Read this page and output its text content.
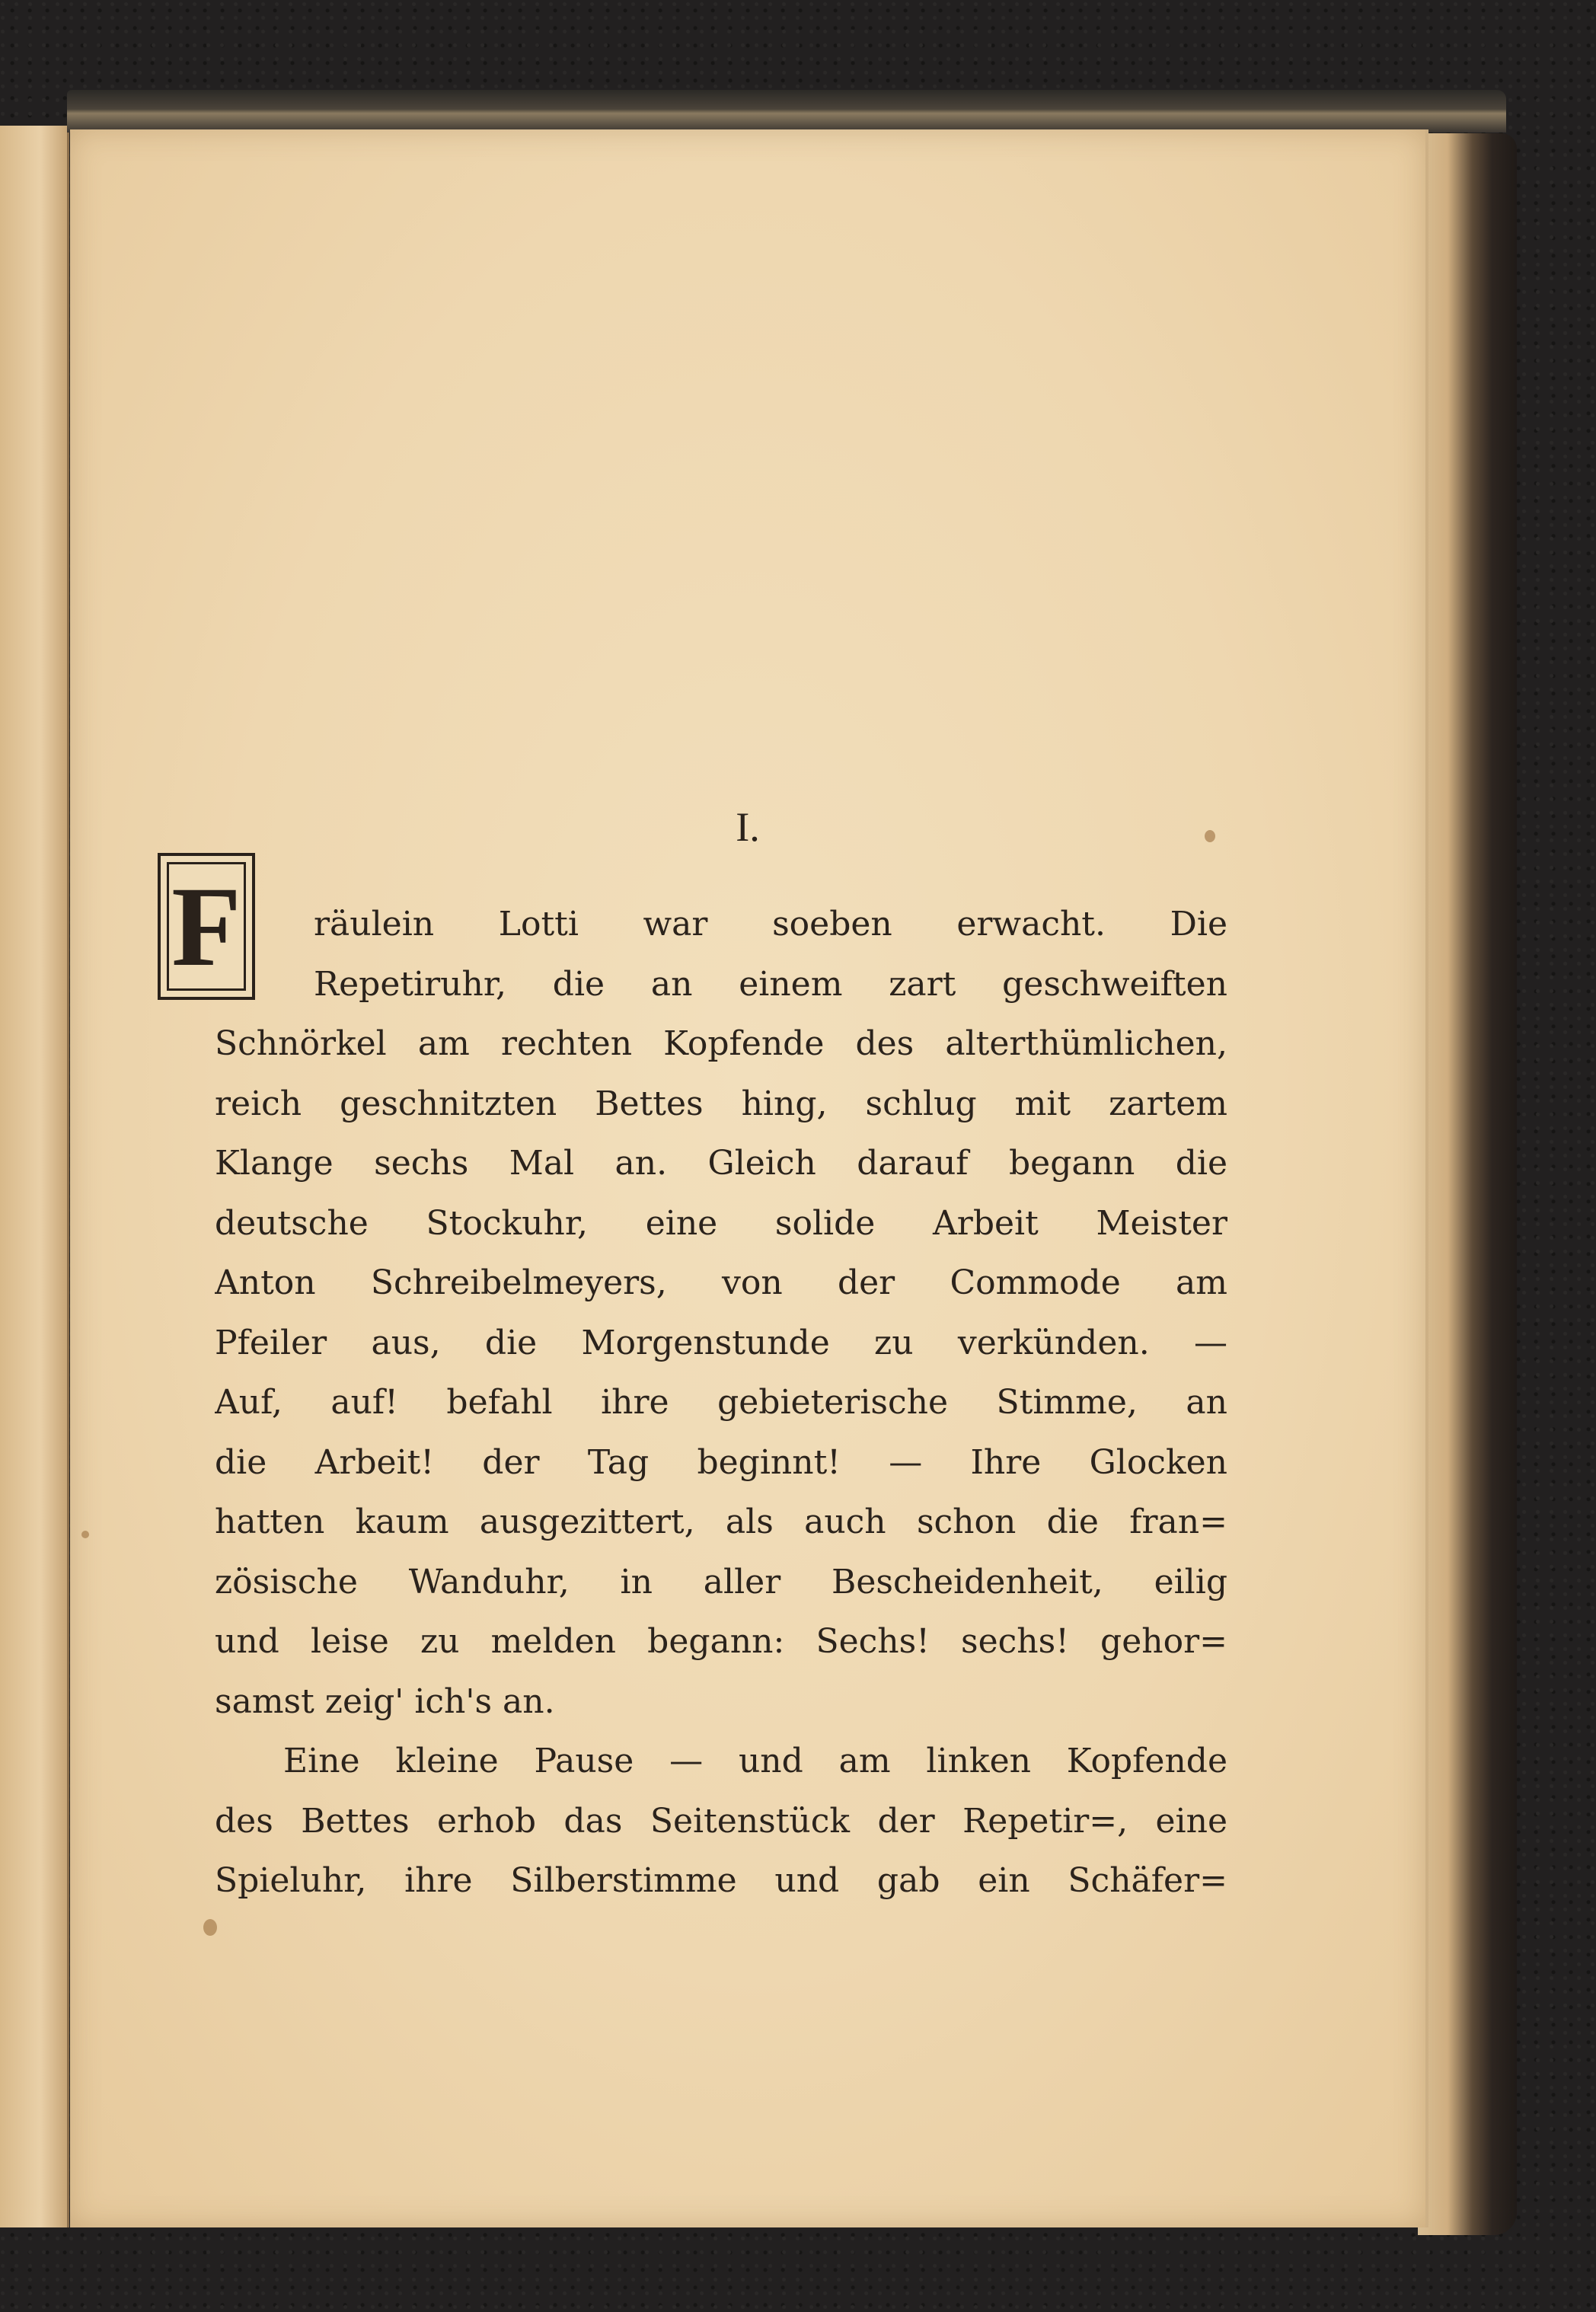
I.
F	räulein Lotti war soeben erwacht. Die
Repetiruhr, die an einem zart geschweiften
Schnörkel am rechten Kopfende des alterthümlichen,
reich geschnitzten Bettes hing, schlug mit zartem
Klange sechs Mal an. Gleich darauf begann die
deutsche Stockuhr, eine solide Arbeit Meister
Anton Schreibelmeyers, von der Commode am
Pfeiler aus, die Morgenstunde zu verkünden. —
Auf, auf! befahl ihre gebieterische Stimme, an
die Arbeit! der Tag beginnt! — Ihre Glocken
hatten kaum ausgezittert, als auch schon die fran=
zösische Wanduhr, in aller Bescheidenheit, eilig
und leise zu melden begann: Sechs! sechs! gehor=
samst zeig' ich's an.
Eine kleine Pause — und am linken Kopfende
des Bettes erhob das Seitenstück der Repetir=, eine
Spieluhr, ihre Silberstimme und gab ein Schäfer=
